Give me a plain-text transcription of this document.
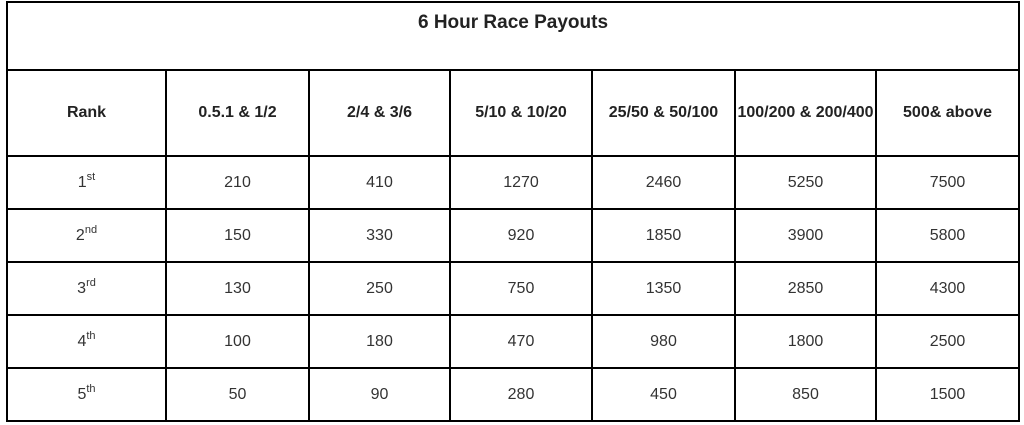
6 Hour Race Payouts						
Rank	0.5.1 & 1/2	2/4 & 3/6	5/10 & 10/20	25/50 & 50/100	100/200 & 200/400	500& above
1st	210	410	1270	2460	5250	7500
2nd	150	330	920	1850	3900	5800
3rd	130	250	750	1350	2850	4300
4th	100	180	470	980	1800	2500
5th	50	90	280	450	850	1500
